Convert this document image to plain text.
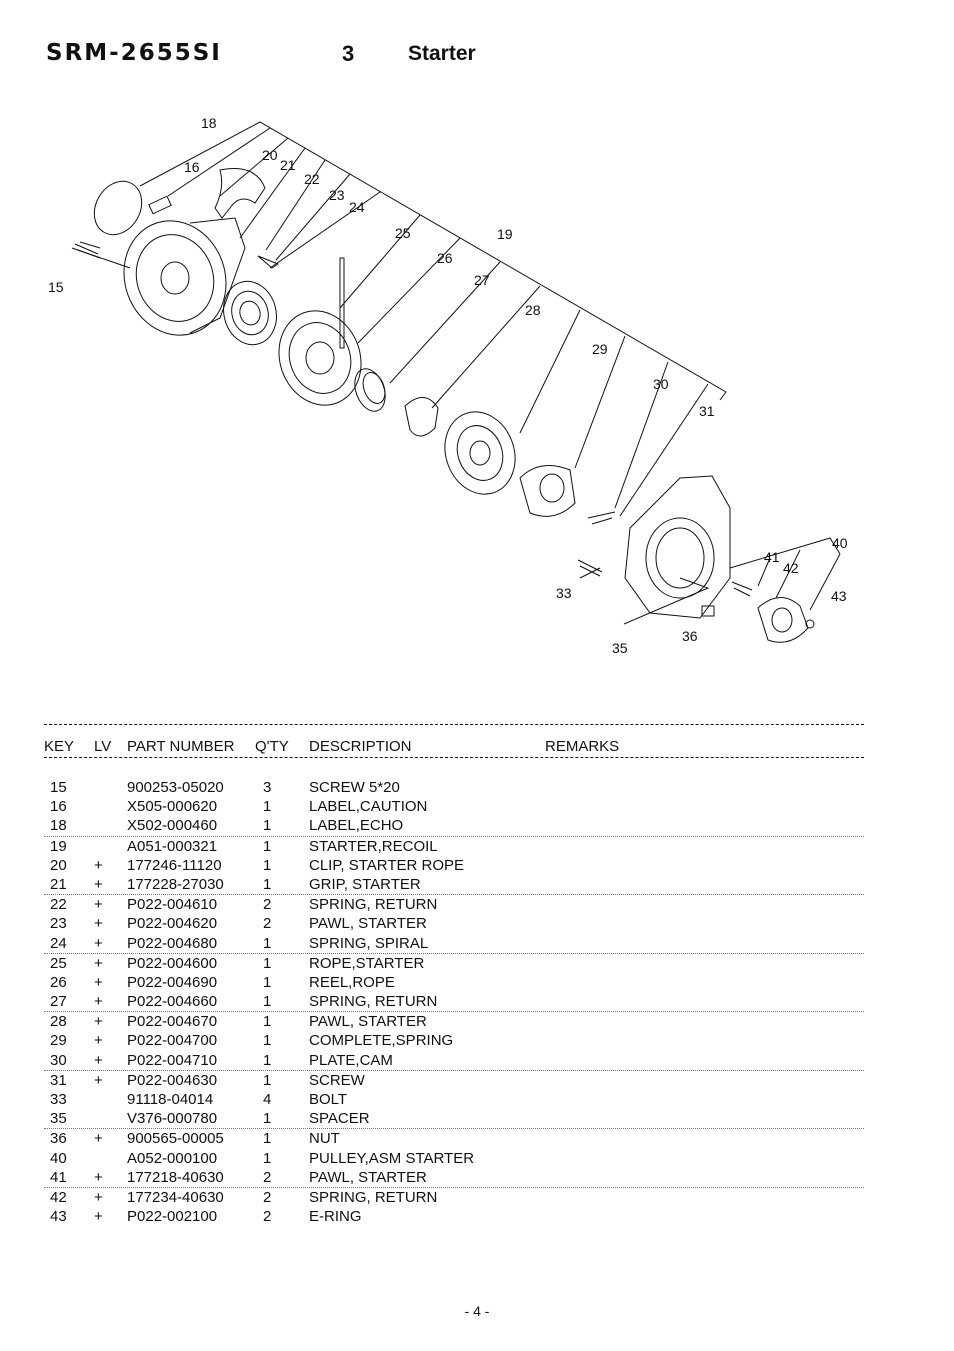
SRM-2655SI	3	Starter
18
16
20
21
22
23
24
25
26
19
27
28
29
30
31
15
40
41
42
43
33
36
35
KEY LV PART NUMBER Q'TY DESCRIPTION	REMARKS
15	900253-05020	3	SCREW 5*20
16	X505-000620	1	LABEL,CAUTION
18	X502-000460	1	LABEL,ECHO
19	A051-000321	1	STARTER,RECOIL
20 + 177246-11120	1	CLIP, STARTER ROPE
21 + 177228-27030	1	GRIP, STARTER
22 + P022-004610	2	SPRING, RETURN
23 + P022-004620	2	PAWL, STARTER
24 + P022-004680	1	SPRING, SPIRAL
25 + P022-004600	1	ROPE,STARTER
26 + P022-004690	1	REEL,ROPE
27 + P022-004660	1	SPRING, RETURN
28 + P022-004670	1	PAWL, STARTER
29 + P022-004700	1	COMPLETE,SPRING
30 + P022-004710	1	PLATE,CAM
31 + P022-004630	1	SCREW
33	91118-04014	4	BOLT
35	V376-000780	1	SPACER
36 + 900565-00005	1	NUT
40	A052-000100	1	PULLEY,ASM STARTER
41 + 177218-40630	2	PAWL, STARTER
42 + 177234-40630	2	SPRING, RETURN
43 + P022-002100	2	E-RING
- 4 -
